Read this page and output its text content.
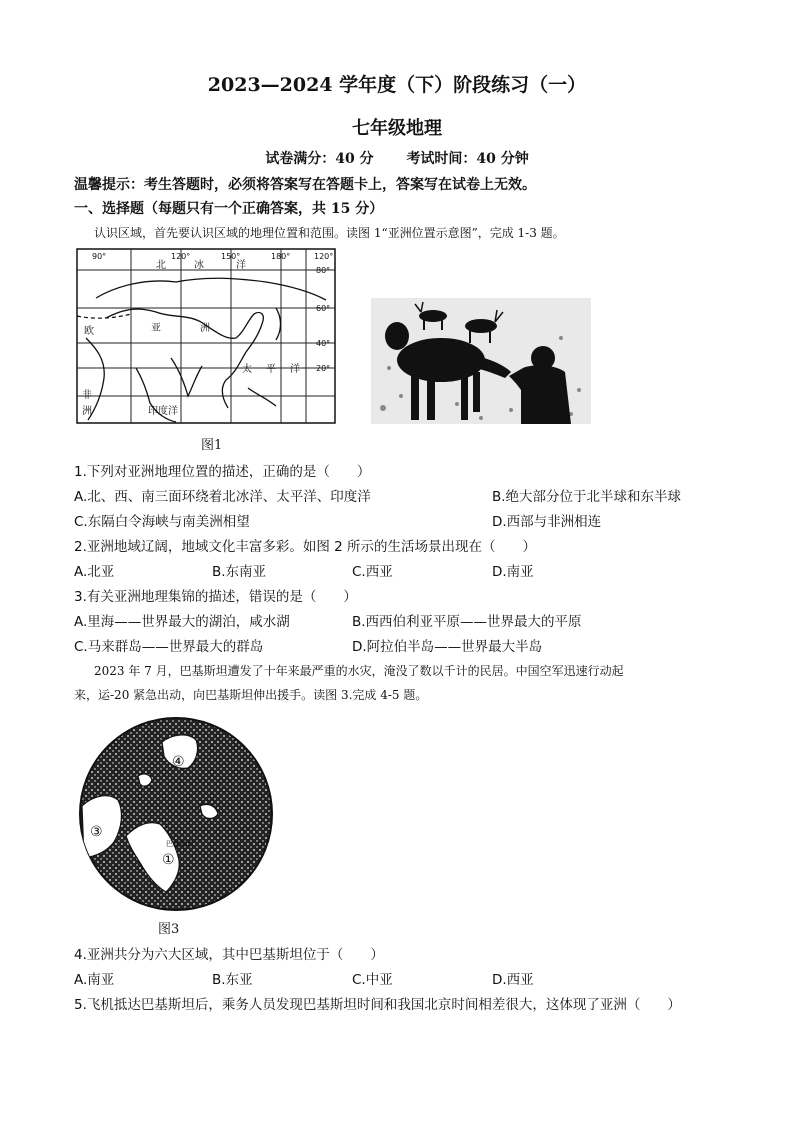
2023—2024 学年度（下）阶段练习（一）
七年级地理
试卷满分：40 分 考试时间：40 分钟
温馨提示：考生答题时，必须将答案写在答题卡上，答案写在试卷上无效。
一、选择题（每题只有一个正确答案，共 15 分）
认识区域，首先要认识区域的地理位置和范围。读图 1“亚洲位置示意图”，完成 1-3 题。
90°	120°	150°	180°	120°
80°
60°
40°
20°
北	冰	洋
亚	洲
太 平 洋
印度洋
非
洲
欧
图1
1.下列对亚洲地理位置的描述，正确的是（　　）
A.北、西、南三面环绕着北冰洋、太平洋、印度洋	B.绝大部分位于北半球和东半球
C.东隔白令海峡与南美洲相望	D.西部与非洲相连
2.亚洲地域辽阔，地域文化丰富多彩。如图 2 所示的生活场景出现在（　　）
A.北亚	B.东南亚	C.西亚	D.南亚
3.有关亚洲地理集锦的描述，错误的是（　　）
A.里海——世界最大的湖泊，咸水湖	B.西西伯利亚平原——世界最大的平原
C.马来群岛——世界最大的群岛	D.阿拉伯半岛——世界最大半岛
2023 年 7 月，巴基斯坦遭发了十年来最严重的水灾，淹没了数以千计的民居。中国空军迅速行动起
来，运-20 紧急出动，向巴基斯坦伸出援手。读图 3.完成 4-5 题。
④
③
①
巴基斯坦
图3
4.亚洲共分为六大区域，其中巴基斯坦位于（　　）
A.南亚	B.东亚	C.中亚	D.西亚
5.飞机抵达巴基斯坦后，乘务人员发现巴基斯坦时间和我国北京时间相差很大，这体现了亚洲（　　）
